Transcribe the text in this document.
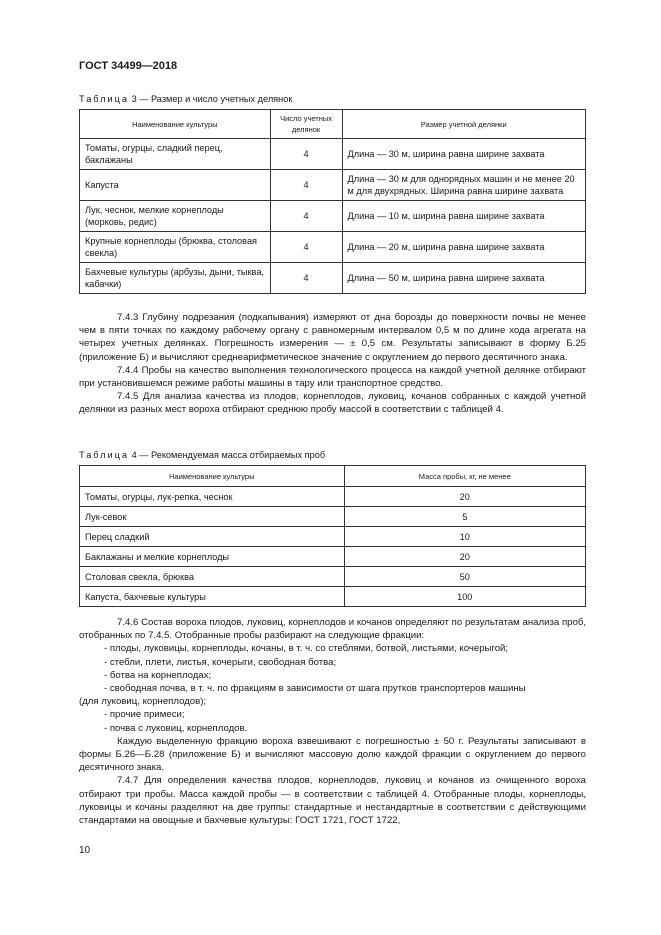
ГОСТ 34499—2018
Таблица 3 — Размер и число учетных делянок
Наименование культуры	Число учетных делянок	Размер учетной делянки
Томаты, огурцы, сладкий перец, баклажаны	4	Длина — 30 м, ширина равна ширине захвата
Капуста	4	Длина — 30 м для однорядных машин и не менее 20 м для двухрядных. Ширина равна ширине захвата
Лук, чеснок, мелкие корнеплоды (морковь, редис)	4	Длина — 10 м, ширина равна ширине захвата
Крупные корнеплоды (брюква, столовая свекла)	4	Длина — 20 м, ширина равна ширине захвата
Бахчевые культуры (арбузы, дыни, тыква, кабачки)	4	Длина — 50 м, ширина равна ширине захвата

7.4.3 Глубину подрезания (подкапывания) измеряют от дна борозды до поверхности почвы не менее чем в пяти точках по каждому рабочему органу с равномерным интервалом 0,5 м по длине хода агрегата на четырех учетных делянках. Погрешность измерения — ± 0,5 см. Результаты записывают в форму Б.25 (приложение Б) и вычисляют среднеарифметическое значение с округлением до первого десятичного знака.

7.4.4 Пробы на качество выполнения технологического процесса на каждой учетной делянке отбирают при установившемся режиме работы машины в тару или транспортное средство.

7.4.5 Для анализа качества из плодов, корнеплодов, луковиц, кочанов собранных с каждой учетной делянки из разных мест вороха отбирают среднюю пробу массой в соответствии с таблицей 4.

Таблица 4 — Рекомендуемая масса отбираемых проб
Наименование культуры	Масса пробы, кг, не менее
Томаты, огурцы, лук-репка, чеснок	20
Лук-севок	5
Перец сладкий	10
Баклажаны и мелкие корнеплоды	20
Столовая свекла, брюква	50
Капуста, бахчевые культуры	100

7.4.6 Состав вороха плодов, луковиц, корнеплодов и кочанов определяют по результатам анализа проб, отобранных по 7.4.5. Отобранные пробы разбирают на следующие фракции:

- плоды, луковицы, корнеплоды, кочаны, в т. ч. со стеблями, ботвой, листьями, кочерыгой;

- стебли, плети, листья, кочерыги, свободная ботва;

- ботва на корнеплодах;

- свободная почва, в т. ч. по фракциям в зависимости от шага прутков транспортеров машины

(для луковиц, корнеплодов);

- прочие примеси;

- почва с луковиц, корнеплодов.

Каждую выделенную фракцию вороха взвешивают с погрешностью ± 50 г. Результаты записывают в формы Б.26—Б.28 (приложение Б) и вычисляют массовую долю каждой фракции с округлением до первого десятичного знака.

7.4.7 Для определения качества плодов, корнеплодов, луковиц и кочанов из очищенного вороха отбирают три пробы. Масса каждой пробы — в соответствии с таблицей 4. Отобранные плоды, корнеплоды, луковицы и кочаны разделяют на две группы: стандартные и нестандартные в соответствии с действующими стандартами на овощные и бахчевые культуры: ГОСТ 1721, ГОСТ 1722,

10
